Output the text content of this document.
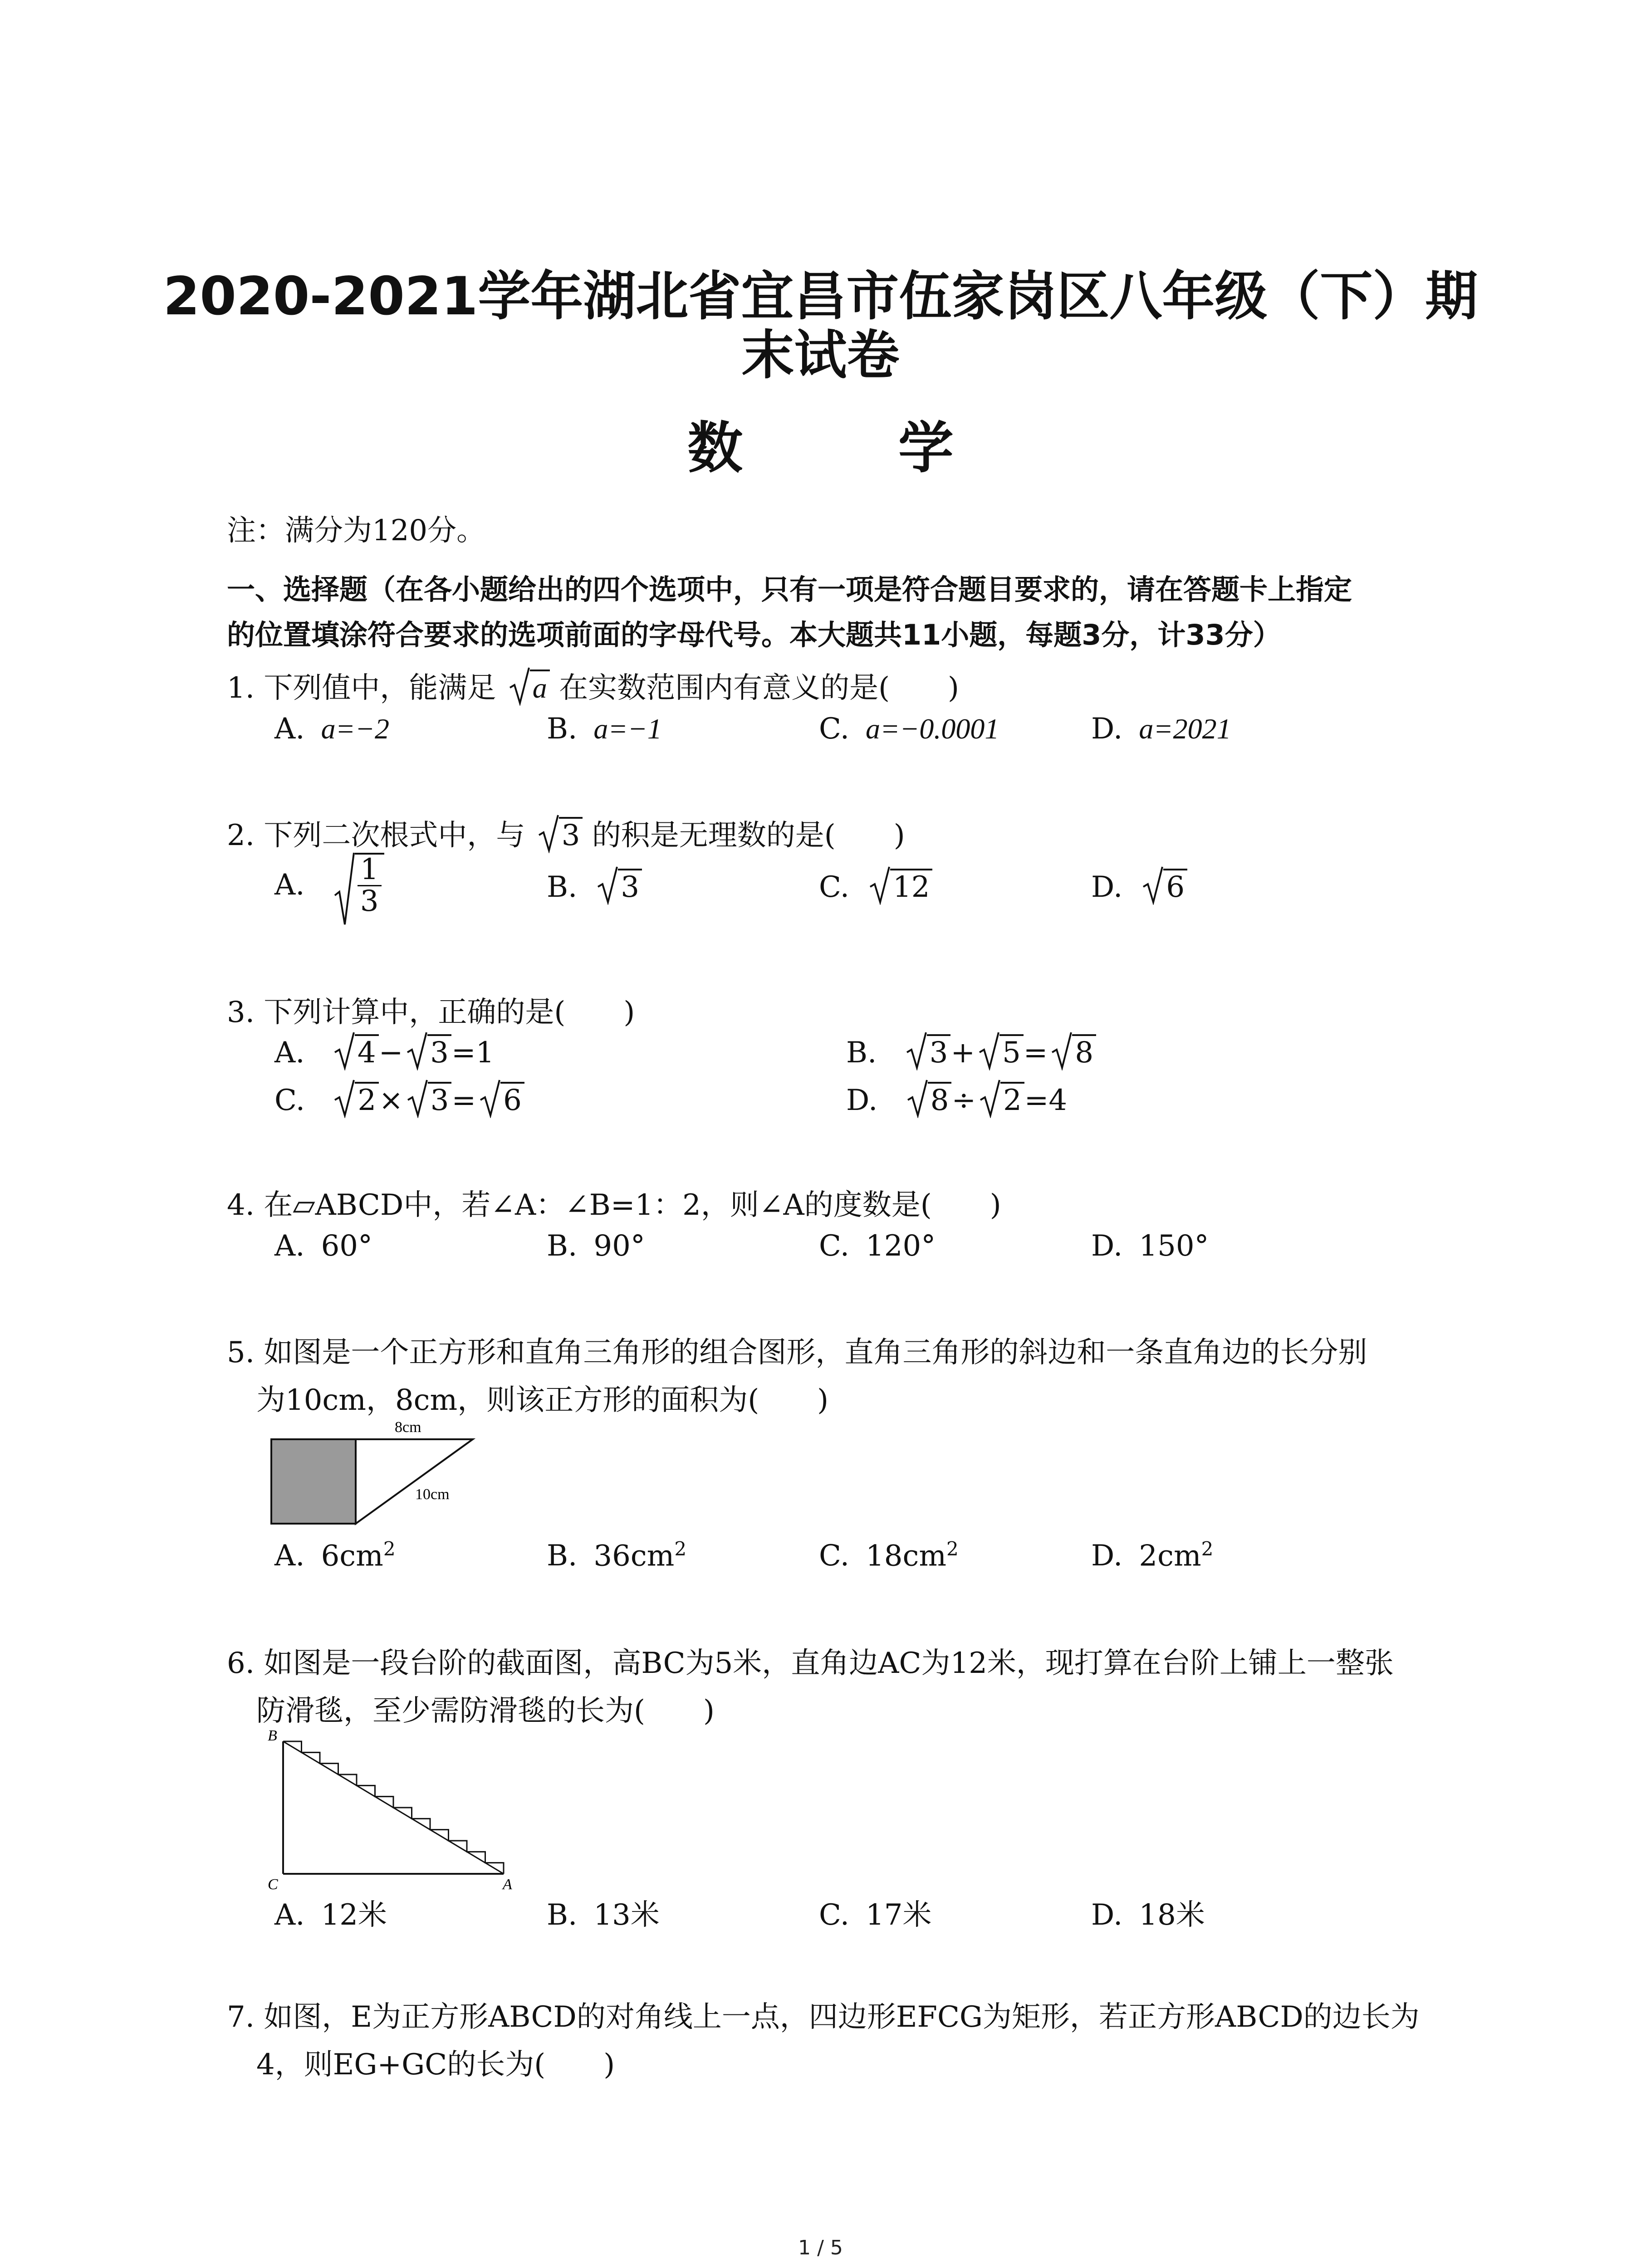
2020-2021学年湖北省宜昌市伍家岗区八年级（下）期
末试卷
数 学
注：满分为120分。
一、选择题（在各小题给出的四个选项中，只有一项是符合题目要求的，请在答题卡上指定
的位置填涂符合要求的选项前面的字母代号。本大题共11小题，每题3分，计33分）
1. 下列值中，能满足 a 在实数范围内有意义的是(　　)
A. a=−2	B. a=−1	C. a=−0.0001	D. a=2021
2. 下列二次根式中，与 3 的积是无理数的是(　　)
A. $\frac{1}{3}$	B. 3	C. 12	D. 6
3. 下列计算中，正确的是(　　)
A. 4− 3=1	B. 3+ 5= 8
C. 2× 3= 6	D. 8÷ 2=4
4. 在▱ABCD中，若∠A：∠B=1：2，则∠A的度数是(　　)
A. 60°	B. 90°	C. 120°	D. 150°
5. 如图是一个正方形和直角三角形的组合图形，直角三角形的斜边和一条直角边的长分别
为10cm，8cm，则该正方形的面积为(　　)
8cm
10cm
A. $6cm^2$	B. $36cm^2$	C. $18cm^2$	D. $2cm^2$
6. 如图是一段台阶的截面图，高BC为5米，直角边AC为12米，现打算在台阶上铺上一整张
防滑毯，至少需防滑毯的长为(　　)
B
C	A
A. 12米	B. 13米	C. 17米	D. 18米
7. 如图，E为正方形ABCD的对角线上一点，四边形EFCG为矩形，若正方形ABCD的边长为
4，则EG+GC的长为(　　)
1 / 5
